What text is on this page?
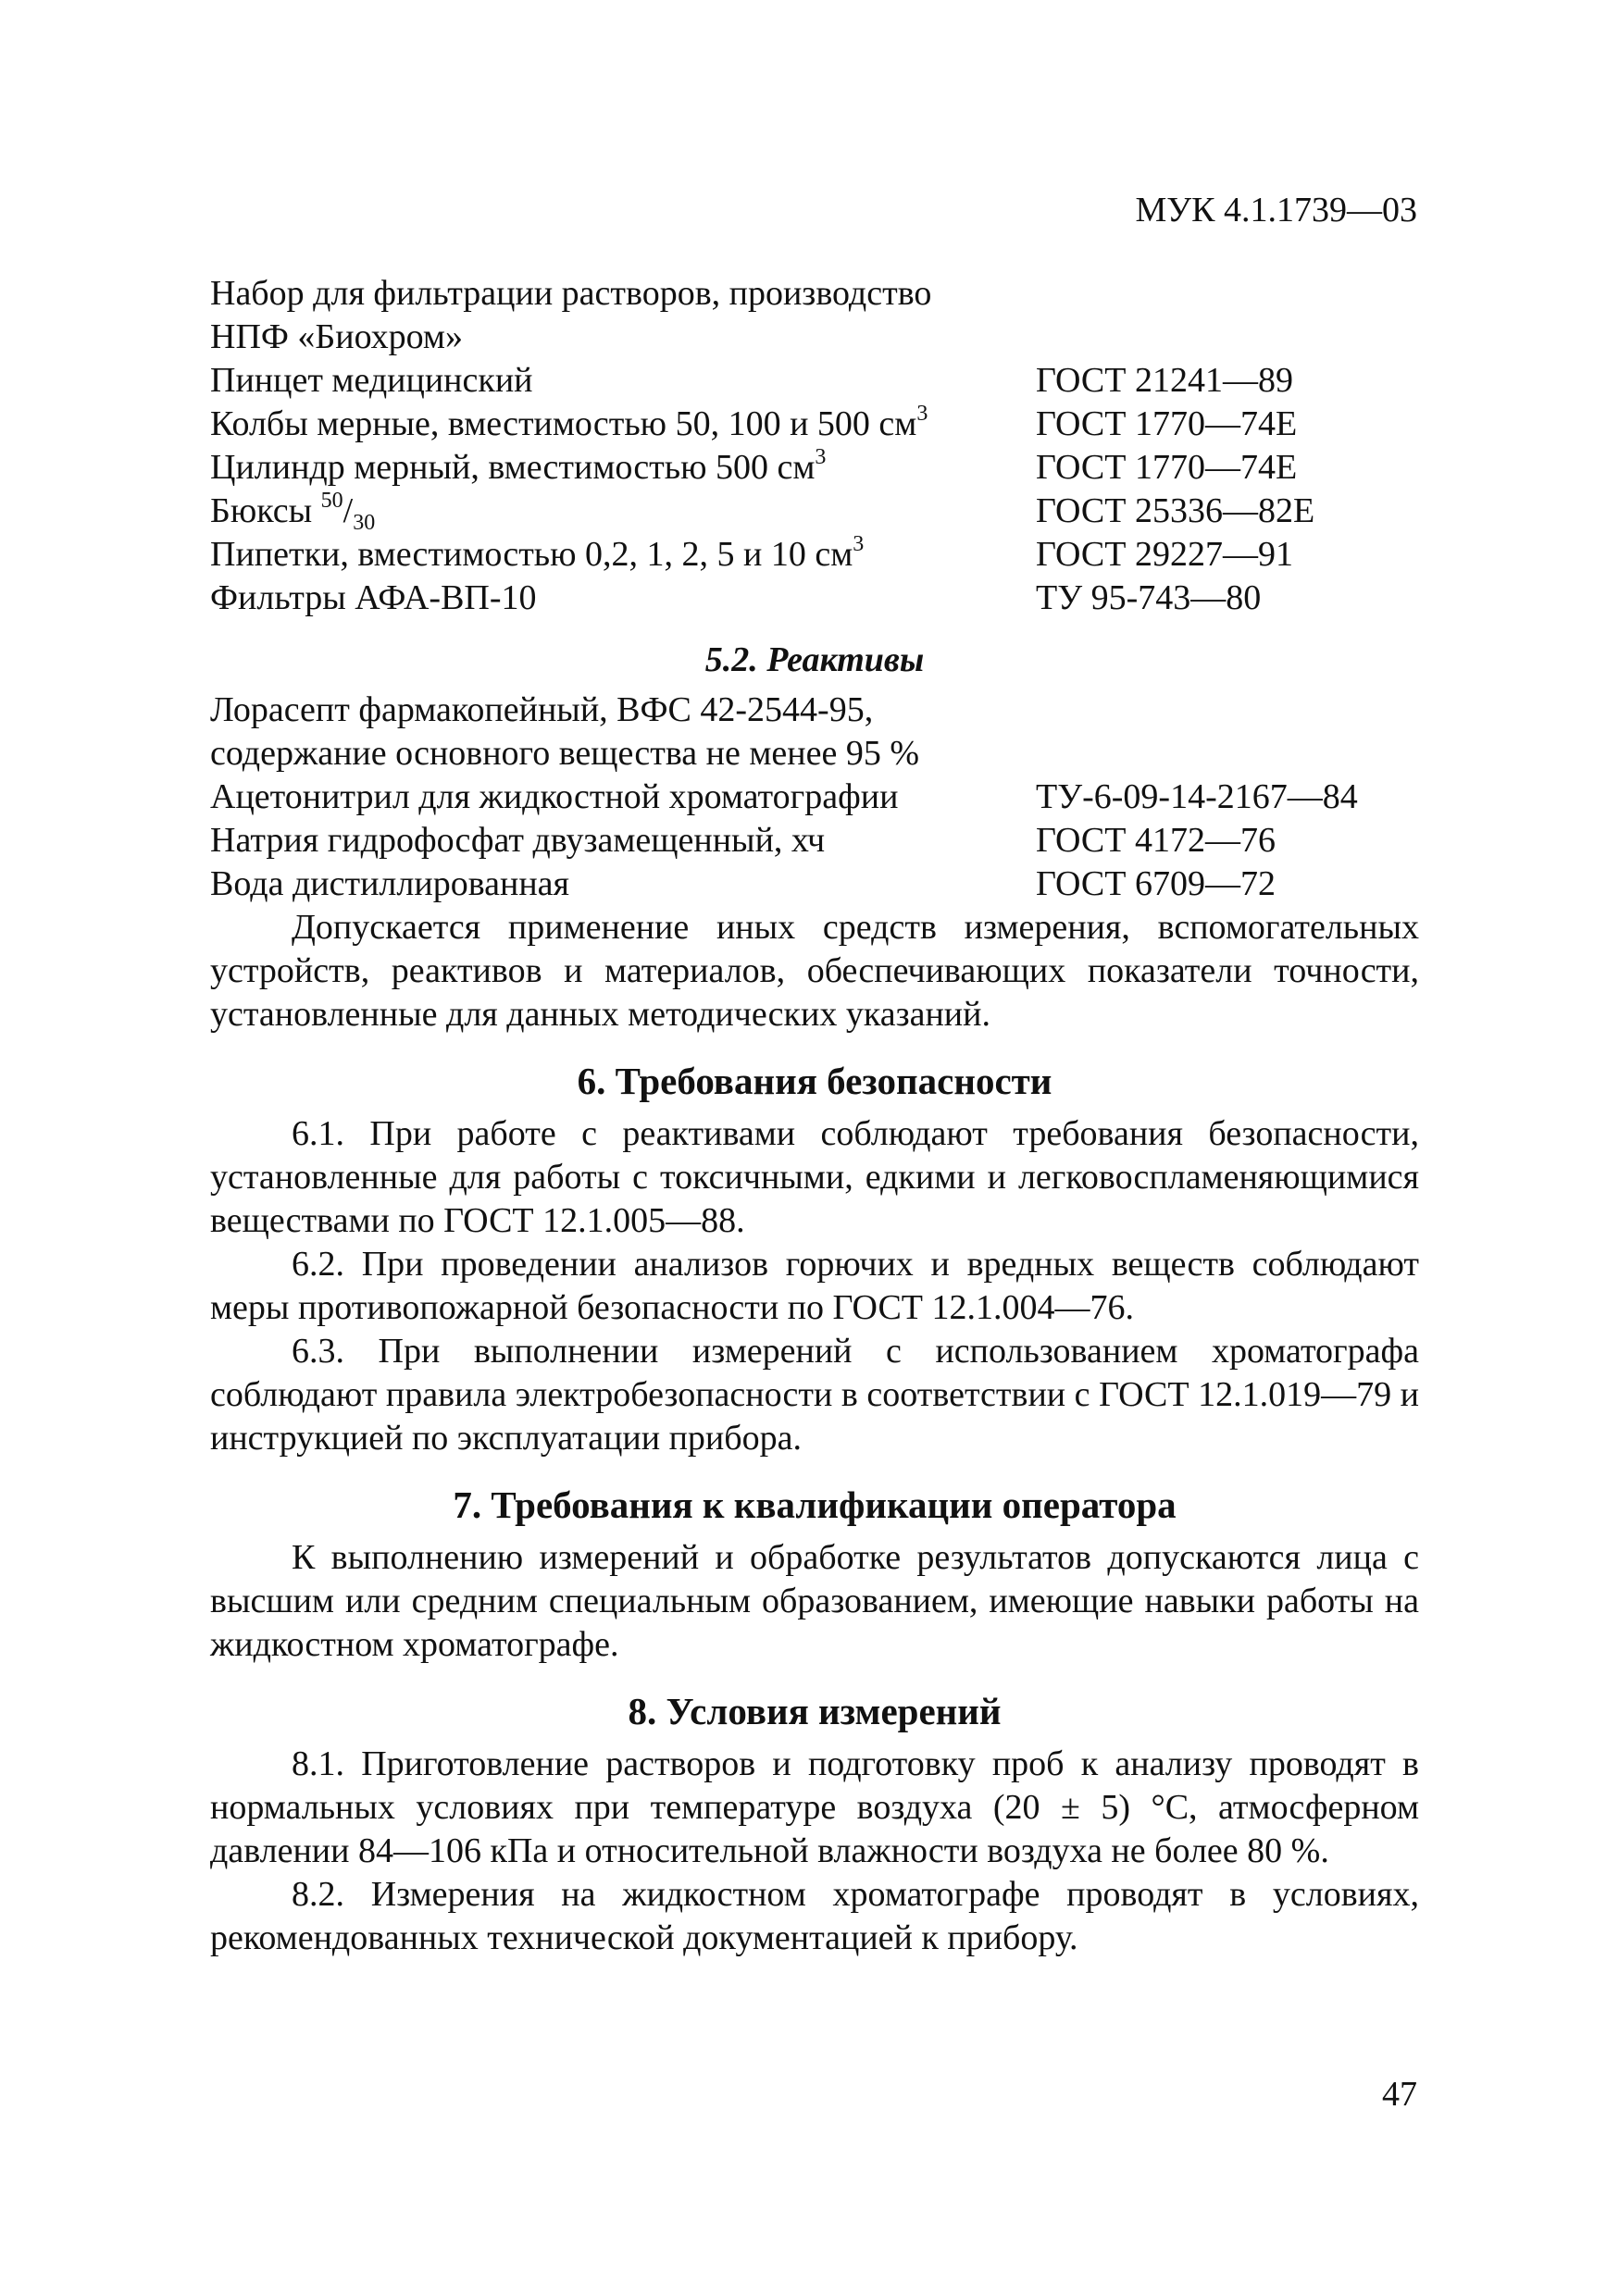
МУК 4.1.1739—03
Набор для фильтрации растворов, производство
НПФ «Биохром»
Пинцет медицинский	ГОСТ 21241—89
Колбы мерные, вместимостью 50, 100 и 500 $см^3$	ГОСТ 1770—74Е
Цилиндр мерный, вместимостью 500 $см^3$	ГОСТ 1770—74Е
Бюксы $^{50}/_{30}$	ГОСТ 25336—82Е
Пипетки, вместимостью 0,2, 1, 2, 5 и 10 $см^3$	ГОСТ 29227—91
Фильтры АФА-ВП-10	ТУ 95-743—80
5.2. Реактивы
Лорасепт фармакопейный, ВФС 42-2544-95,
содержание основного вещества не менее 95 %
Ацетонитрил для жидкостной хроматографии	ТУ-6-09-14-2167—84
Натрия гидрофосфат двузамещенный, хч	ГОСТ 4172—76
Вода дистиллированная	ГОСТ 6709—72

Допускается применение иных средств измерения, вспомогательных устройств, реактивов и материалов, обеспечивающих показатели точности, установленные для данных методических указаний.

6. Требования безопасности

6.1. При работе с реактивами соблюдают требования безопасности, установленные для работы с токсичными, едкими и легковоспламеняющимися веществами по ГОСТ 12.1.005—88.

6.2. При проведении анализов горючих и вредных веществ соблюдают меры противопожарной безопасности по ГОСТ 12.1.004—76.

6.3. При выполнении измерений с использованием хроматографа соблюдают правила электробезопасности в соответствии с ГОСТ 12.1.019—79 и инструкцией по эксплуатации прибора.

7. Требования к квалификации оператора

К выполнению измерений и обработке результатов допускаются лица с высшим или средним специальным образованием, имеющие навыки работы на жидкостном хроматографе.

8. Условия измерений

8.1. Приготовление растворов и подготовку проб к анализу проводят в нормальных условиях при температуре воздуха (20 ± 5) °С, атмосферном давлении 84—106 кПа и относительной влажности воздуха не более 80 %.

8.2. Измерения на жидкостном хроматографе проводят в условиях, рекомендованных технической документацией к прибору.

47
